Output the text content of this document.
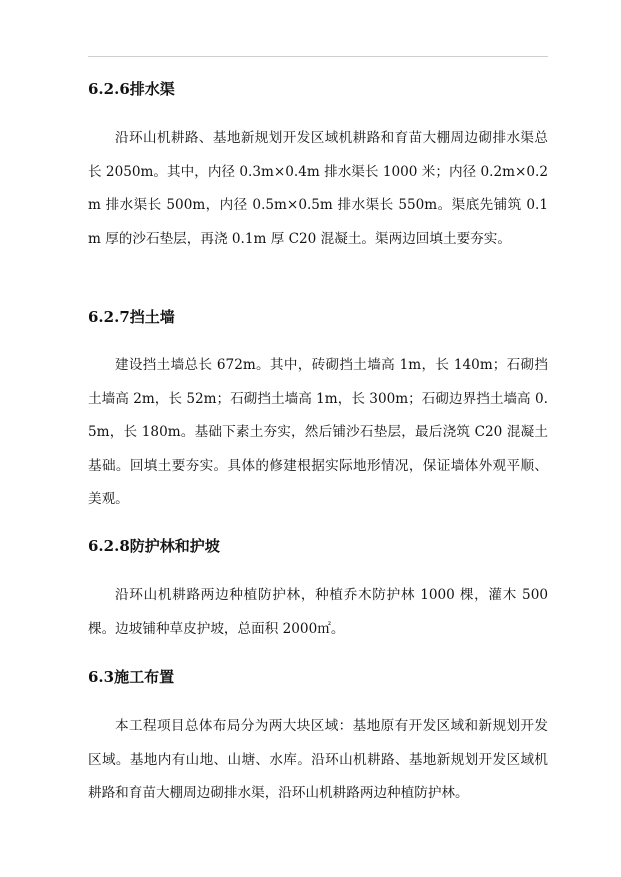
6.2.6排水渠

沿环山机耕路、基地新规划开发区域机耕路和育苗大棚周边砌排水渠总长 2050m。其中，内径 0.3m×0.4m 排水渠长 1000 米；内径 0.2m×0.2m 排水渠长 500m，内径 0.5m×0.5m 排水渠长 550m。渠底先铺筑 0.1m 厚的沙石垫层，再浇 0.1m 厚 C20 混凝土。渠两边回填土要夯实。

6.2.7挡土墙

建设挡土墙总长 672m。其中，砖砌挡土墙高 1m，长 140m；石砌挡土墙高 2m，长 52m；石砌挡土墙高 1m，长 300m；石砌边界挡土墙高 0.5m，长 180m。基础下素土夯实，然后铺沙石垫层，最后浇筑 C20 混凝土基础。回填土要夯实。具体的修建根据实际地形情况，保证墙体外观平顺、美观。

6.2.8防护林和护坡

沿环山机耕路两边种植防护林，种植乔木防护林 1000 棵，灌木 500 棵。边坡铺种草皮护坡，总面积 2000㎡。

6.3施工布置

本工程项目总体布局分为两大块区域：基地原有开发区域和新规划开发区域。基地内有山地、山塘、水库。沿环山机耕路、基地新规划开发区域机耕路和育苗大棚周边砌排水渠，沿环山机耕路两边种植防护林。
